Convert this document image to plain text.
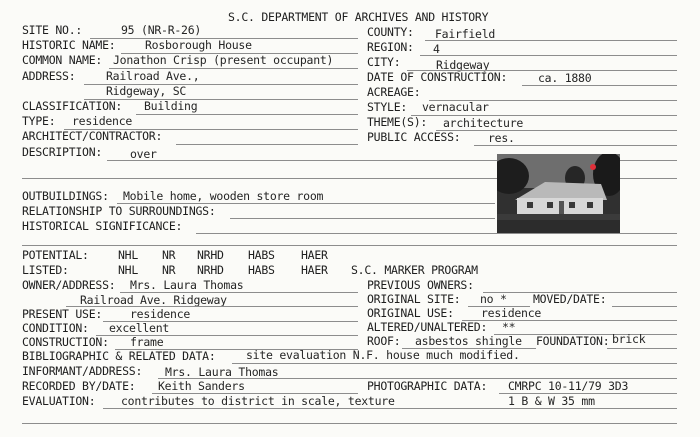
S.C. DEPARTMENT OF ARCHIVES AND HISTORY
SITE NO.:	95 (NR-R-26)
HISTORIC NAME:	Rosborough House
COMMON NAME: Jonathon Crisp (present occupant)
ADDRESS:	Railroad Ave.,
Ridgeway, SC
CLASSIFICATION: Building
TYPE: residence
ARCHITECT/CONTRACTOR:
DESCRIPTION: over
COUNTY: Fairfield
REGION: 4
CITY:	Ridgeway
DATE OF CONSTRUCTION:	ca. 1880
ACREAGE:
STYLE: vernacular
THEME(S): architecture
PUBLIC ACCESS: res.
OUTBUILDINGS: Mobile home, wooden store room
RELATIONSHIP TO SURROUNDINGS:
HISTORICAL SIGNIFICANCE:
POTENTIAL:	NHL NR NRHD HABS HAER
LISTED:	NHL NR NRHD HABS HAER S.C. MARKER PROGRAM
OWNER/ADDRESS: Mrs. Laura Thomas
Railroad Ave. Ridgeway
PREVIOUS OWNERS:
ORIGINAL SITE: no * MOVED/DATE:
PRESENT USE: residence	ORIGINAL USE: residence
CONDITION: excellent	ALTERED/UNALTERED: **
CONSTRUCTION: frame	ROOF: asbestos shingle FOUNDATION: brick
BIBLIOGRAPHIC & RELATED DATA:	site evaluation N.F. house much modified.
INFORMANT/ADDRESS: Mrs. Laura Thomas
RECORDED BY/DATE: Keith Sanders	PHOTOGRAPHIC DATA: CMRPC 10-11/79 3D3
EVALUATION: contributes to district in scale, texture	1 B & W 35 mm
